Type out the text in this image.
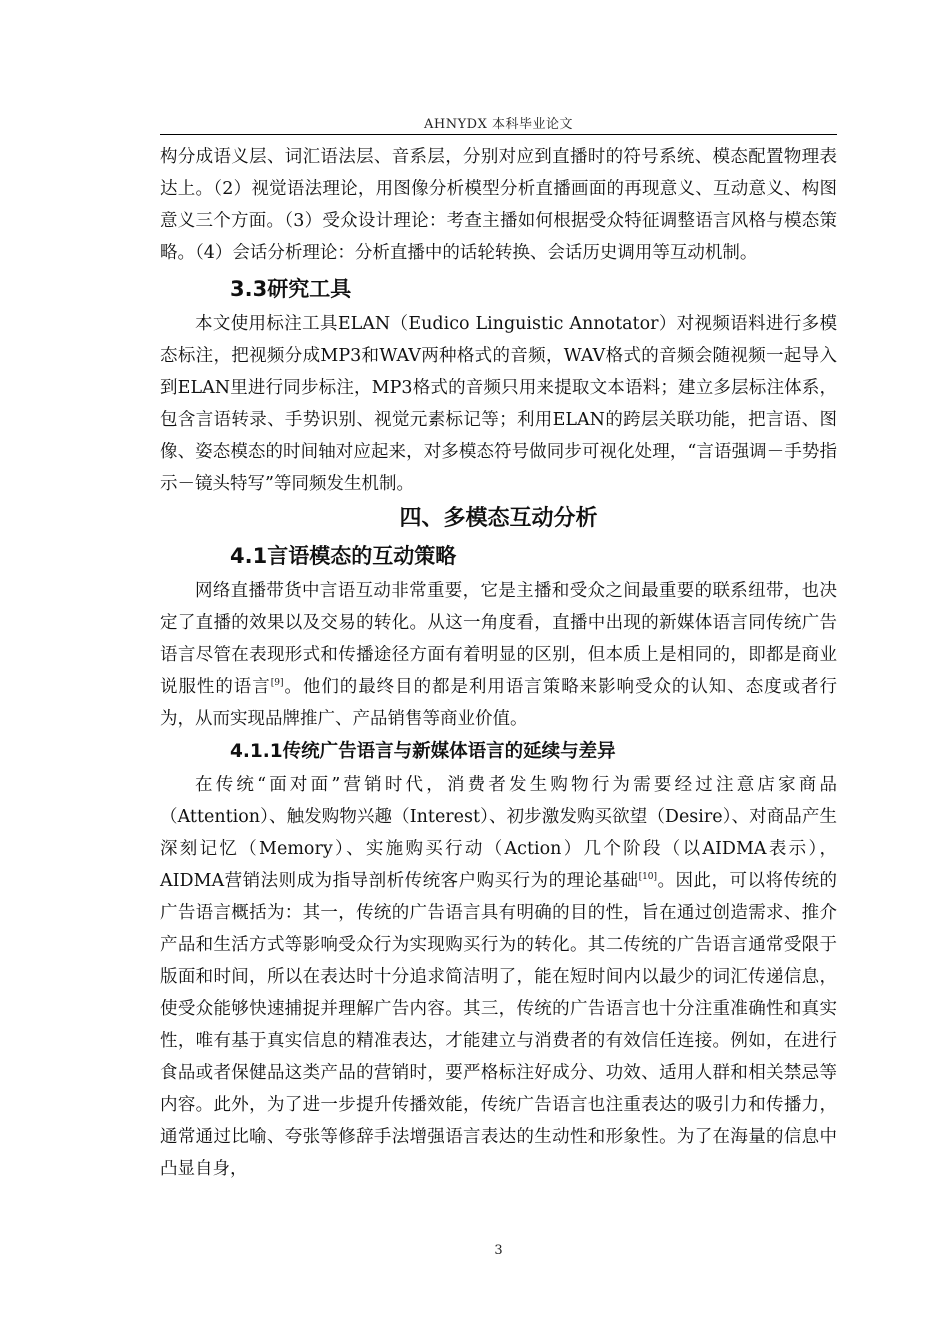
AHNYDX 本科毕业论文

构分成语义层、词汇语法层、音系层，分别对应到直播时的符号系统、模态配置物理表达上。（2）视觉语法理论，用图像分析模型分析直播画面的再现意义、互动意义、构图意义三个方面。（3）受众设计理论：考查主播如何根据受众特征调整语言风格与模态策略。（4）会话分析理论：分析直播中的话轮转换、会话历史调用等互动机制。

3.3研究工具

本文使用标注工具ELAN（Eudico Linguistic Annotator）对视频语料进行多模态标注，把视频分成MP3和WAV两种格式的音频，WAV格式的音频会随视频一起导入到ELAN里进行同步标注，MP3格式的音频只用来提取文本语料；建立多层标注体系，包含言语转录、手势识别、视觉元素标记等；利用ELAN的跨层关联功能，把言语、图像、姿态模态的时间轴对应起来，对多模态符号做同步可视化处理，“言语强调－手势指示－镜头特写”等同频发生机制。

四、多模态互动分析
4.1言语模态的互动策略

网络直播带货中言语互动非常重要，它是主播和受众之间最重要的联系纽带，也决定了直播的效果以及交易的转化。从这一角度看，直播中出现的新媒体语言同传统广告语言尽管在表现形式和传播途径方面有着明显的区别，但本质上是相同的，即都是商业说服性的语言[9]。他们的最终目的都是利用语言策略来影响受众的认知、态度或者行为，从而实现品牌推广、产品销售等商业价值。

4.1.1传统广告语言与新媒体语言的延续与差异

在传统“面对面”营销时代，消费者发生购物行为需要经过注意店家商品（Attention）、触发购物兴趣（Interest）、初步激发购买欲望（Desire）、对商品产生深刻记忆（Memory）、实施购买行动（Action）几个阶段（以AIDMA表示），AIDMA营销法则成为指导剖析传统客户购买行为的理论基础[10]。因此，可以将传统的广告语言概括为：其一，传统的广告语言具有明确的目的性，旨在通过创造需求、推介产品和生活方式等影响受众行为实现购买行为的转化。其二传统的广告语言通常受限于版面和时间，所以在表达时十分追求简洁明了，能在短时间内以最少的词汇传递信息，使受众能够快速捕捉并理解广告内容。其三，传统的广告语言也十分注重准确性和真实性，唯有基于真实信息的精准表达，才能建立与消费者的有效信任连接。例如，在进行食品或者保健品这类产品的营销时，要严格标注好成分、功效、适用人群和相关禁忌等内容。此外，为了进一步提升传播效能，传统广告语言也注重表达的吸引力和传播力，通常通过比喻、夸张等修辞手法增强语言表达的生动性和形象性。为了在海量的信息中凸显自身，

3
